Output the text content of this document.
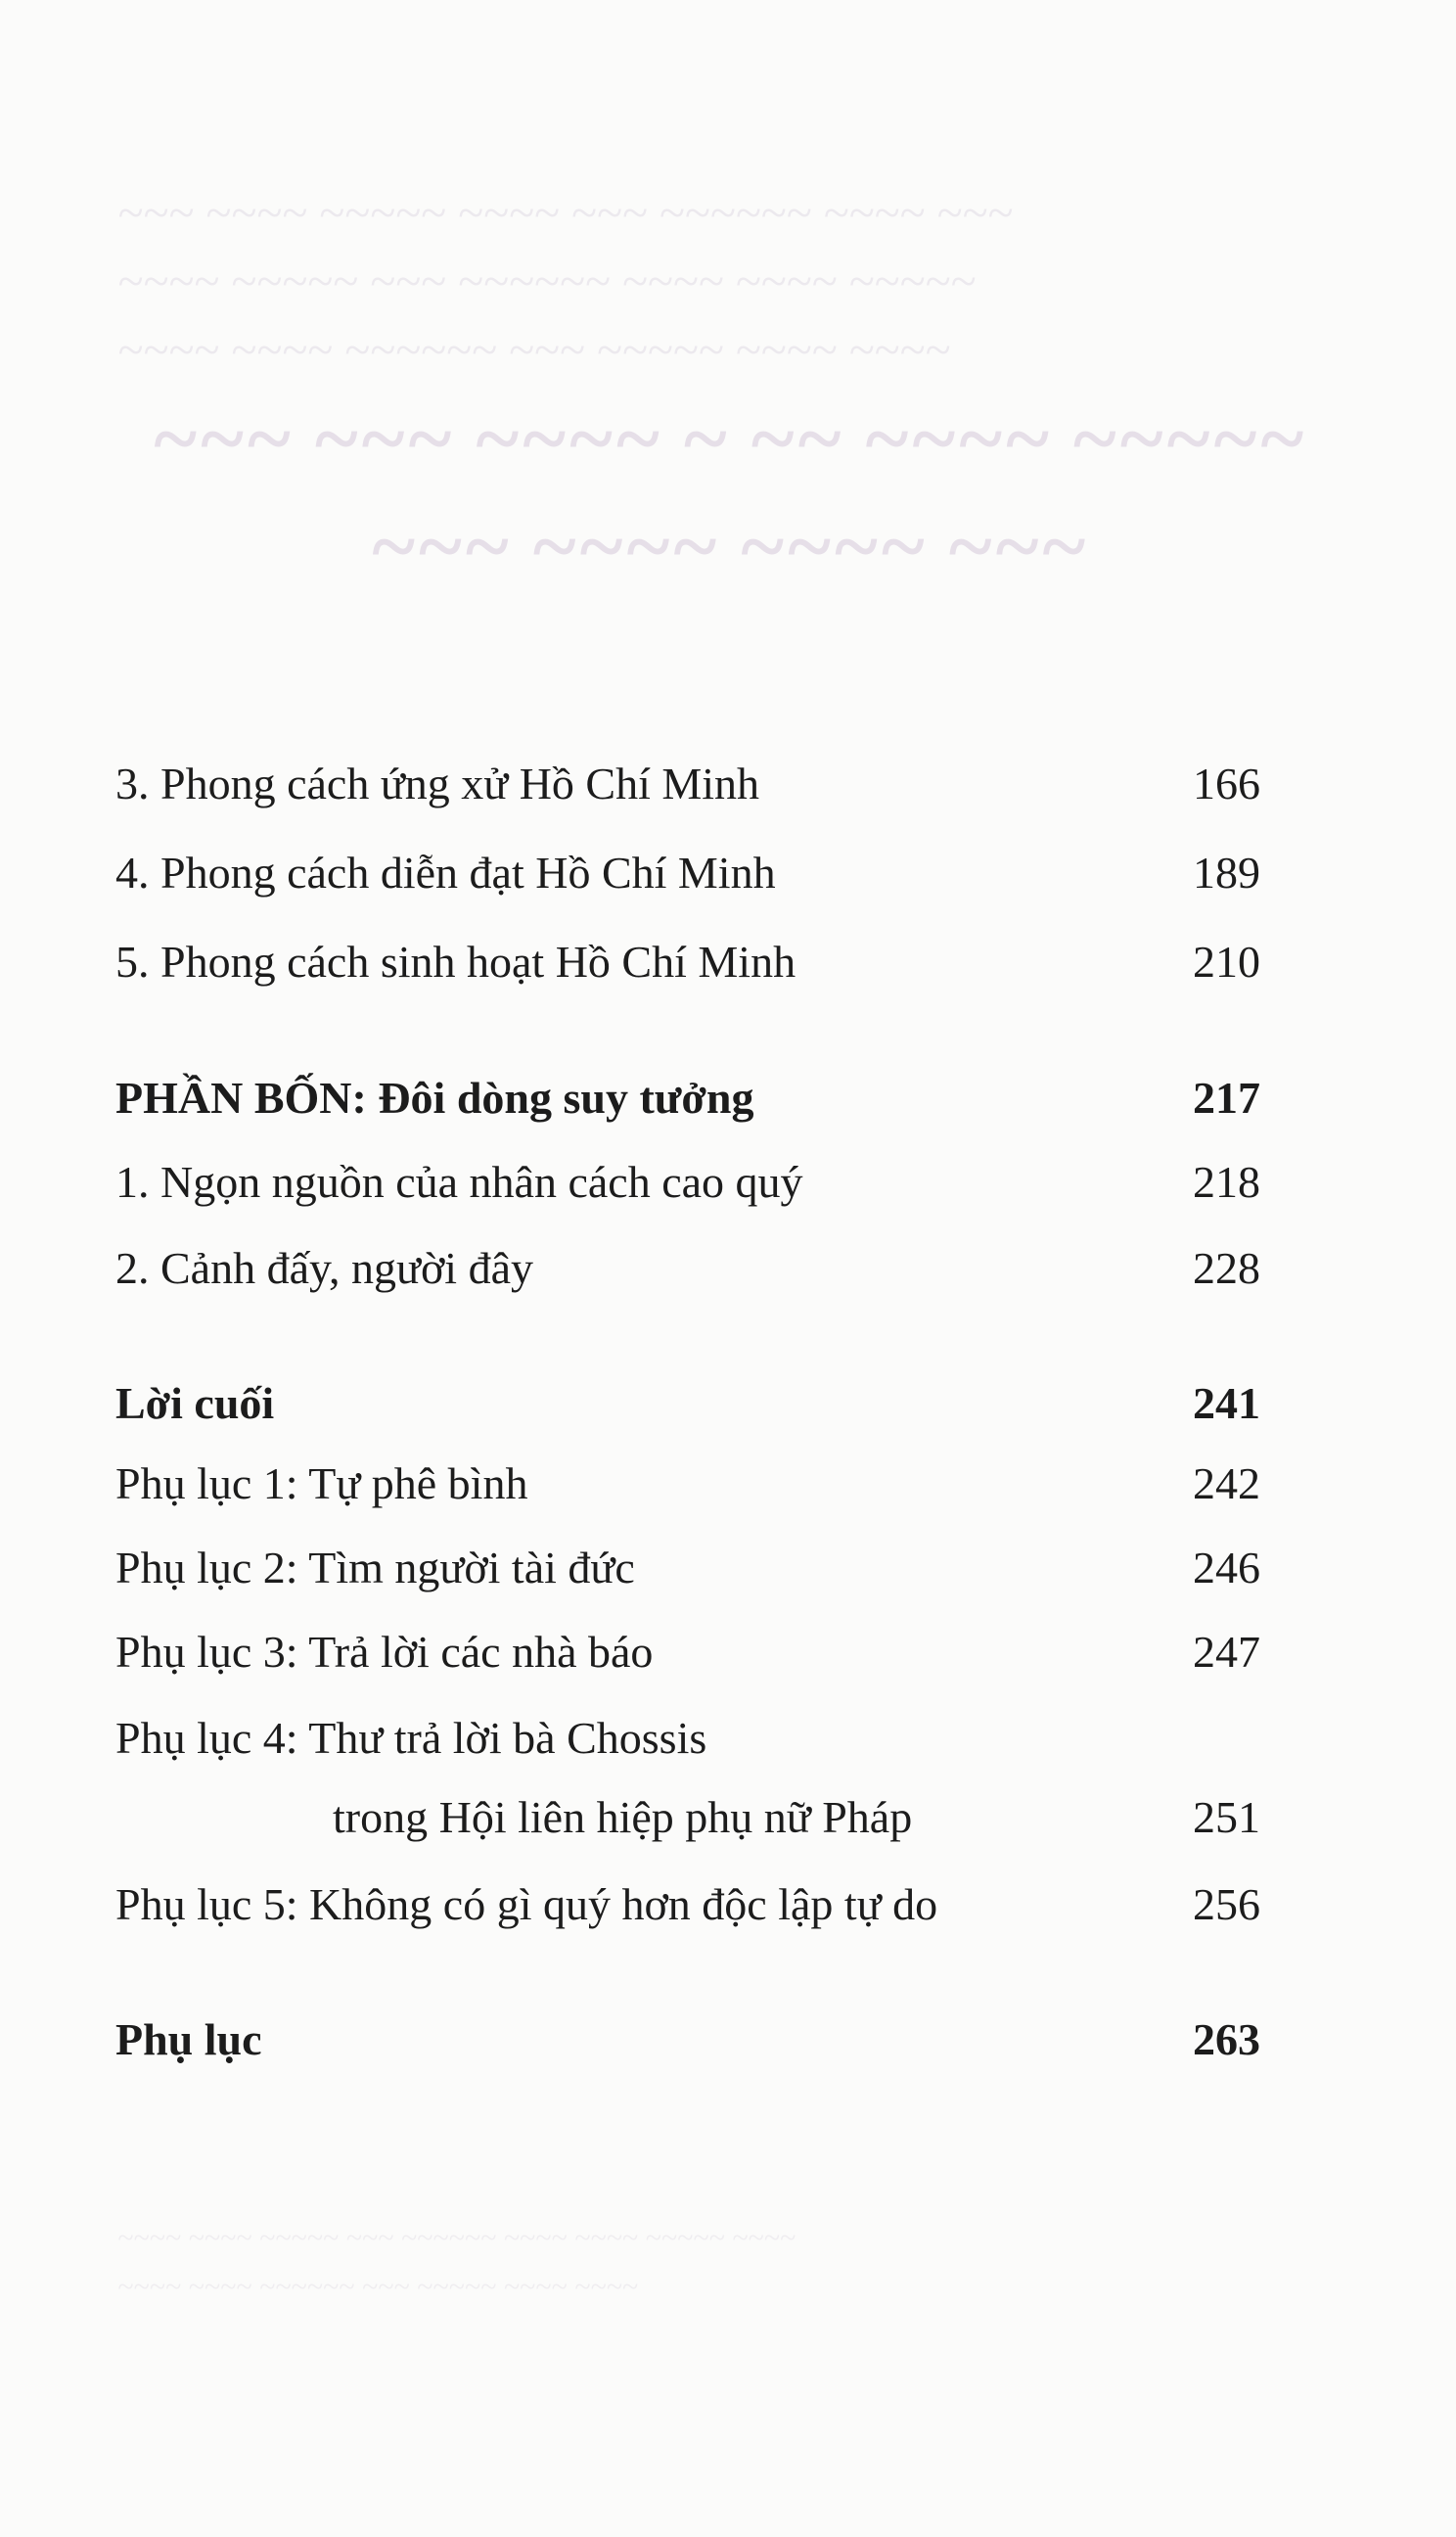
~~~ ~~~~ ~~~~~ ~~~~ ~~~ ~~~~~~ ~~~~ ~~~
~~~~ ~~~~~ ~~~ ~~~~~~ ~~~~ ~~~~ ~~~~~
~~~~ ~~~~ ~~~~~~ ~~~ ~~~~~ ~~~~ ~~~~
~~~ ~~~ ~~~~ ~ ~~ ~~~~ ~~~~~
~~~ ~~~~ ~~~~ ~~~
~~~~ ~~~~ ~~~~~ ~~~ ~~~~~~ ~~~~ ~~~~ ~~~~~ ~~~~
~~~~ ~~~~ ~~~~~~ ~~~ ~~~~~ ~~~~ ~~~~
3. Phong cách ứng xử Hồ Chí Minh	166
4. Phong cách diễn đạt Hồ Chí Minh	189
5. Phong cách sinh hoạt Hồ Chí Minh	210
PHẦN BỐN: Đôi dòng suy tưởng	217
1. Ngọn nguồn của nhân cách cao quý	218
2. Cảnh đấy, người đây	228
Lời cuối	241
Phụ lục 1: Tự phê bình	242
Phụ lục 2: Tìm người tài đức	246
Phụ lục 3: Trả lời các nhà báo	247
Phụ lục 4: Thư trả lời bà Chossis
trong Hội liên hiệp phụ nữ Pháp	251
Phụ lục 5: Không có gì quý hơn độc lập tự do	256
Phụ lục	263
